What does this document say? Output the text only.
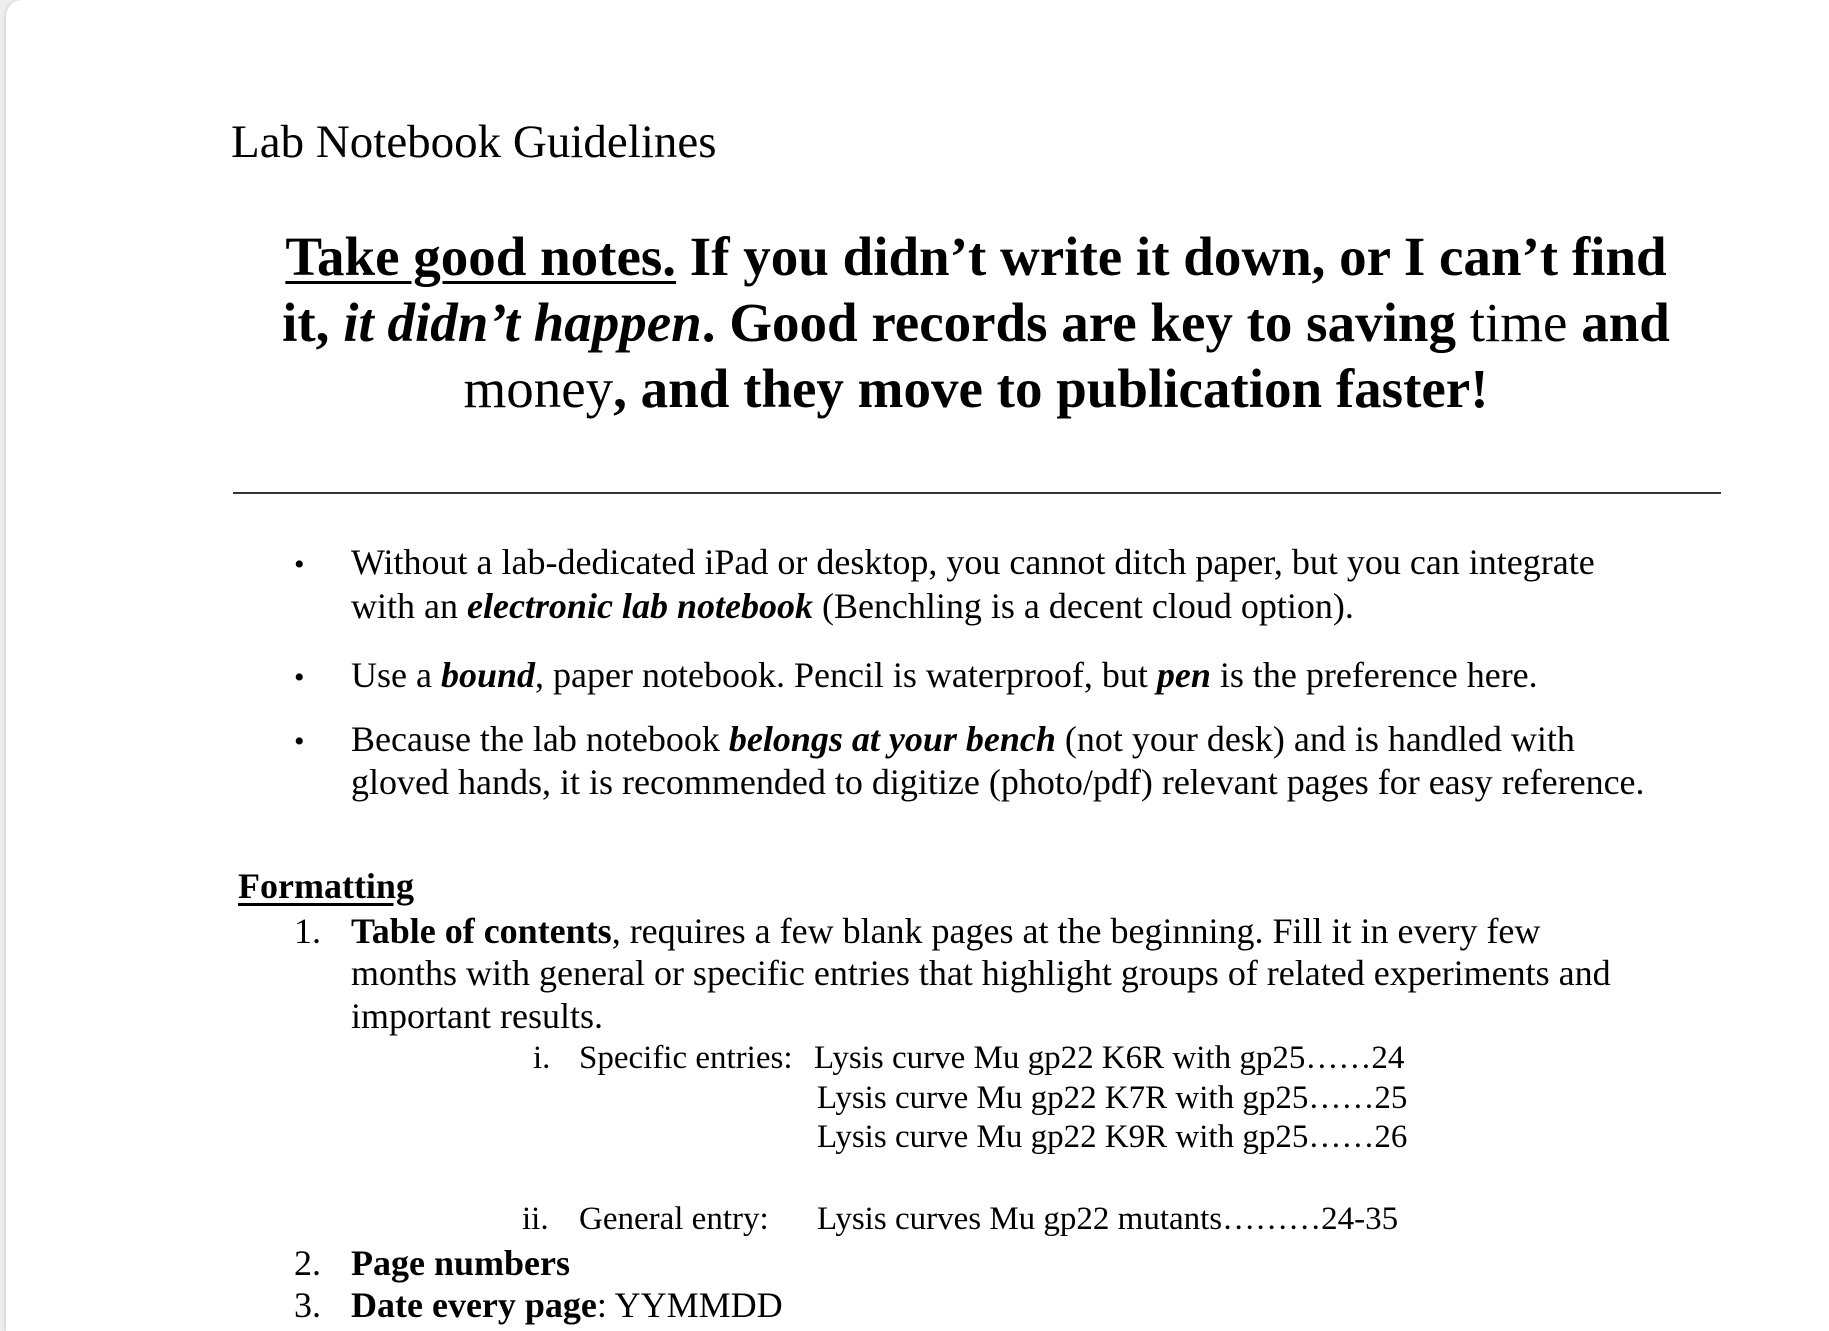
Lab Notebook Guidelines
Take good notes. If you didn’t write it down, or I can’t find
it, it didn’t happen. Good records are key to saving time and
money, and they move to publication faster!
• Without a lab-dedicated iPad or desktop, you cannot ditch paper, but you can integrate
with an electronic lab notebook (Benchling is a decent cloud option).
• Use a bound, paper notebook. Pencil is waterproof, but pen is the preference here.
• Because the lab notebook belongs at your bench (not your desk) and is handled with
gloved hands, it is recommended to digitize (photo/pdf) relevant pages for easy reference.
Formatting
1. Table of contents, requires a few blank pages at the beginning. Fill it in every few
months with general or specific entries that highlight groups of related experiments and
important results.
i. Specific entries: Lysis curve Mu gp22 K6R with gp25……24
Lysis curve Mu gp22 K7R with gp25……25
Lysis curve Mu gp22 K9R with gp25……26
ii. General entry: Lysis curves Mu gp22 mutants………24-35
2. Page numbers
3. Date every page: YYMMDD
